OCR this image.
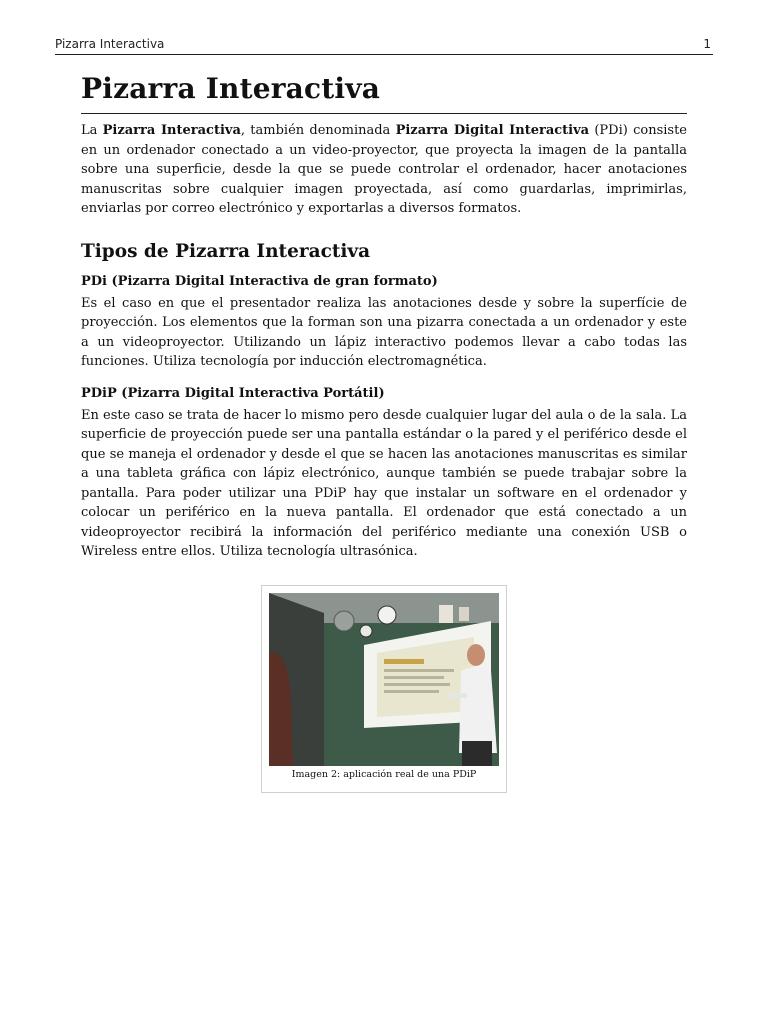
Pizarra Interactiva	1
Pizarra Interactiva

La Pizarra Interactiva, también denominada Pizarra Digital Interactiva (PDi) consiste en un ordenador conectado a un video-proyector, que proyecta la imagen de la pantalla sobre una superficie, desde la que se puede controlar el ordenador, hacer anotaciones manuscritas sobre cualquier imagen proyectada, así como guardarlas, imprimirlas, enviarlas por correo electrónico y exportarlas a diversos formatos.

Tipos de Pizarra Interactiva
PDi (Pizarra Digital Interactiva de gran formato)

Es el caso en que el presentador realiza las anotaciones desde y sobre la superfície de proyección. Los elementos que la forman son una pizarra conectada a un ordenador y este a un videoproyector. Utilizando un lápiz interactivo podemos llevar a cabo todas las funciones. Utiliza tecnología por inducción electromagnética.

PDiP (Pizarra Digital Interactiva Portátil)

En este caso se trata de hacer lo mismo pero desde cualquier lugar del aula o de la sala. La superficie de proyección puede ser una pantalla estándar o la pared y el periférico desde el que se maneja el ordenador y desde el que se hacen las anotaciones manuscritas es similar a una tableta gráfica con lápiz electrónico, aunque también se puede trabajar sobre la pantalla. Para poder utilizar una PDiP hay que instalar un software en el ordenador y colocar un periférico en la nueva pantalla. El ordenador que está conectado a un videoproyector recibirá la información del periférico mediante una conexión USB o Wireless entre ellos. Utiliza tecnología ultrasónica.

Imagen 2: aplicación real de una PDiP
